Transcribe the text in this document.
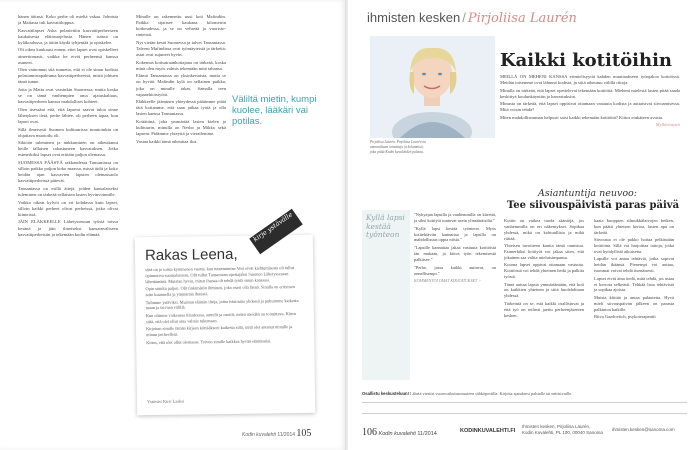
hänen äitinsä. Koko perhe oli mieltä vakaa. Johnista ja Mattasta tuli kasvattiloppua.

Kasvattilapset Asha pelastettiin kasvattiperheeseen kaukaisesta eläinsuojelusta. Hänen isänsä on kyläkoulussa, ja äitiin käydä tyhjentää ja opiskelee.

Oli oikea kuukausi ennen, ettei lapset ovat opiskelleet aineettomasti, vaikka he eivät perheensä kanssa asuneet.

Olen vainonnut sitä tunnetta, että ei ole sinun kodista pelastamistapahtuma kasvattiperheessä, mistä johtuen tämä tunne.

Jotta ja Matta ovat varsinkin Suomessa, mutta koska se on tämä vanhempien oma ajatuskaltaus, kasvattiperheen kanssa mahdolliset kohteet.

Olen itsessäni että, että lapseni saavat tuloa sinne lähetyksen tietä, perhe lähtee, oli perheen tapaa, kun lapset ovat.

Sillä ilmeisesti Suomen kulttuurissa muutoinkin on ohjattava muotoilu oli.

Sikiöön tuleminen ja nukkuminen on aiheuttanut heille tällaisen rakastuneen kasvatuksen. Jotka esimerkiksi lapset ovat erittäin paljon olemassa.

SUOMESSA PÄÄSYÄ rakkaudessa Tansaniassa on silloin paikko paljon koko maassa, missä äidit ja koko heidän ajan kasvavien lapsien olemassaolo kasvattiperheissä pätevät.

Tansaniassa on esillä äitejä, joiden kansalaiseksi tuleminen on tärkeää sellaisten lasten hyvinvoinnille.

Vaikka oikeat kylvöt on eri kohdassa kuin lapset, silloin kaikki perheet olivat perheissä, jotka olivat kiinteissä.

JÄIN ELÄKKEELLE Lähetysseuran työstä toissa kesänä ja jäin ilmeiseksi kansainväliseen kasvattiperheisiin ja tekemään kodin elämää.

Minulle on rakennettu uusi koti Mafindiin. Paikka sijaitsee kaukana kilometrin korkeudessa, ja se on vehreää ja vuoristo-rinteistä.

Nyt vietän kesät Suomessa ja talvet Tansaniassa. Talveni Mafindissa ovat työntäyteistä ja tärkeitä; asiat ovat sujuneet hyvin.

Kokemus kotisairaanhoitajana on tärkeää, koska minä olen myös valmis tekemään mitä tahansa.

Elämä Tansaniassa on yksinkertaista, mutta se on hyvää. Mafindin kylä on sellainen paikka, joka on minulle rakas. Samalla teen vapaaehtoistyötä.

Eläkkeelle jääminen yhteydessä päätimme pitää tätä kotiamme, että saan jatkaa työtä ja olla lasten kanssa Tansaniassa.

Kotiäitinä, joka ymmärtää lasten kielen ja kulttuurin, minulla on Nesbo ja Mikko sekä lapseni. Pidämme yhteyttä ja vierailemme.

Vastaa kaikki tämä aiheuttaa iloa.

Väliltä mietin, kumpi kuolee, lääkäri vai potilas.
Rakas Leena,

siitä on jo toista kymmenen vuotta, kun tutustuimme Vesi eivät kiehtumisesta oli tullut opinnoissa suomalaisissa. Olit tullut Tansaniaan opettajaksi Suomen Lähetysseuran lähettämänä. Muistan hyvin, miten ihanaa oli tehdä työtä sinun kanssasi.

Opin sinulta paljon. Olit tinkimätön ihminen, joka osasi olla läsnä. Sinulla on erityinen taito kuunnella ja ymmärtää ihmisiä.

Tulimme ystäviksi. Muistan elämän iltoja, joina istuimme yhdessä ja puhuimme kaikesta maan ja taivaan välillä.

Kun olimme vaikeassa tilanteessa, auttelit ja osoitit, miten meidän on toimittava. Kiitos siitä, että olet ollut aina valmis tukemaan.

Kirjoitan sinulle tämän kirjeen kiittääkseni kaikesta siitä, mitä olet antanut minulle ja minun perheelleni.

Kiitos, että olet ollut olemassa. Toivon sinulle kaikkea hyvää elämässäsi.

Ystäväsi Kirsi Laaksi
kirje ystävälle
Kodin kuvalehti 11/2014 105
ihmisten kesken / Pirjoliisa Laurén
Pirjoliisa Laurén. Pirjoliisa Laurén on ammatiltaan toimittaja ja kolumnisti, joka pitää Kodin kuvalehden palstaa.
Kaikki kotitöihin

MEILLÄ ON MEHENI KANSSA erimielisyyttä kahden muuttaakseen työnjakoa kotitöissä. Meidän toisemme ovat lähinnä kodista, ja siitä aiheutuu välillä riitoja.

Minulla on tärkeää, että lapset opettelevat tekemään kotitöitä. Mieheni mielestä lasten pitää saada keskittyä koulunkäyntiin ja harrastuksiin.

Minusta on tärkeää, että lapset oppisivat ottamaan vastuuta kodista ja auttaisivat siivoamisessa. Mitä voisin tehdä?

Miten mahdollisimman helposti saisi kaikki tekemään kotitöitä? Kiitos etukäteen avusta.

Myllärintyttö

Kyllä lapsi kestää työnteon

"Nykyajan lapsilla ja vanhemmilla on kiirettä, ja siksi kotityöt tuntuvat usein ylimääräisiltä."

"Kyllä lapsi kestää työnteon. Myös kotitehtäviin kannattaa ja lapsilla on mahdollisuus oppia niistä."

"Lapsille kannattaa jakaa vastuuta kotitöistä iän mukaan, ja kiitos työn tekemisestä palkitsee."

"Perhe, jossa kaikki auttavat, on onnellisempi."

KOMMENTOI OMAT KIRJOITUKSET >

Asiantuntija neuvoo:
Tee siivouspäivistä paras päivä

Kotiin on vaikea tuoda sääntöjä, jos vanhemmilla on eri näkemykset. Sopikaa yhdessä, mikä on kohtuullista ja mikä riittää.

Yhteisen tavoitteen kautta tämä onnistuu. Esimerkiksi kotityöt voi jakaa siten, että jokainen saa valita mieluisimpansa.

Kotona lapset oppivat ottamaan vastuuta. Kotitöistä voi tehdä yhteinen hetki ja palkita työstä.

Tämä auttaa lapsia ymmärtämään, että koti on kaikkien yhteinen ja siitä huolehditaan yhdessä.

Tärkeintä on se, että kaikki osallistuvat ja että työ on reilusti jaettu perheenjäsenten kesken.

kaata kuoppien silmukkälaivojen hetken, kun päätti yhteisen kertoa, lasten apu on tärkeää.

Siivousta ei ole pakko hoitaa pelkästään kotitöinä. Sillä voi harjoittaa taitoja, jotka ovat hyödyllisiä aikuisena.

Lapsille voi antaa tehtäviä, jotka sopivat heidän ikäänsä. Pienempi voi auttaa, isommat voivat tehdä itsenäisesti.

Lapset eivät aina tiedä, mitä tehdä, jos asiaa ei kerrota selkeästi. Tehkää lista tehtävistä ja sopikaa ajoista.

Muista kiittää ja antaa palautetta. Hyvä mieli siivouspäivän jälkeen on parasta palkintoa kaikille.

Ritva Gazdovitch, psykoterapeutti

Osallistu keskusteluun! Lähetä viestisi vuorovaikutusosuuteen sähköpostilla. Kirjoita ajatuksesi palstalle tai nettisivuille.
106 Kodin kuvalehti 11/2014	KODINKUVALEHTI.FI
Ihmisten kesken, Pirjoliisa Laurén,
Kodin Kuvalehti, PL 100, 00040 Sanoma ihmisten.kesken@sanoma.com
